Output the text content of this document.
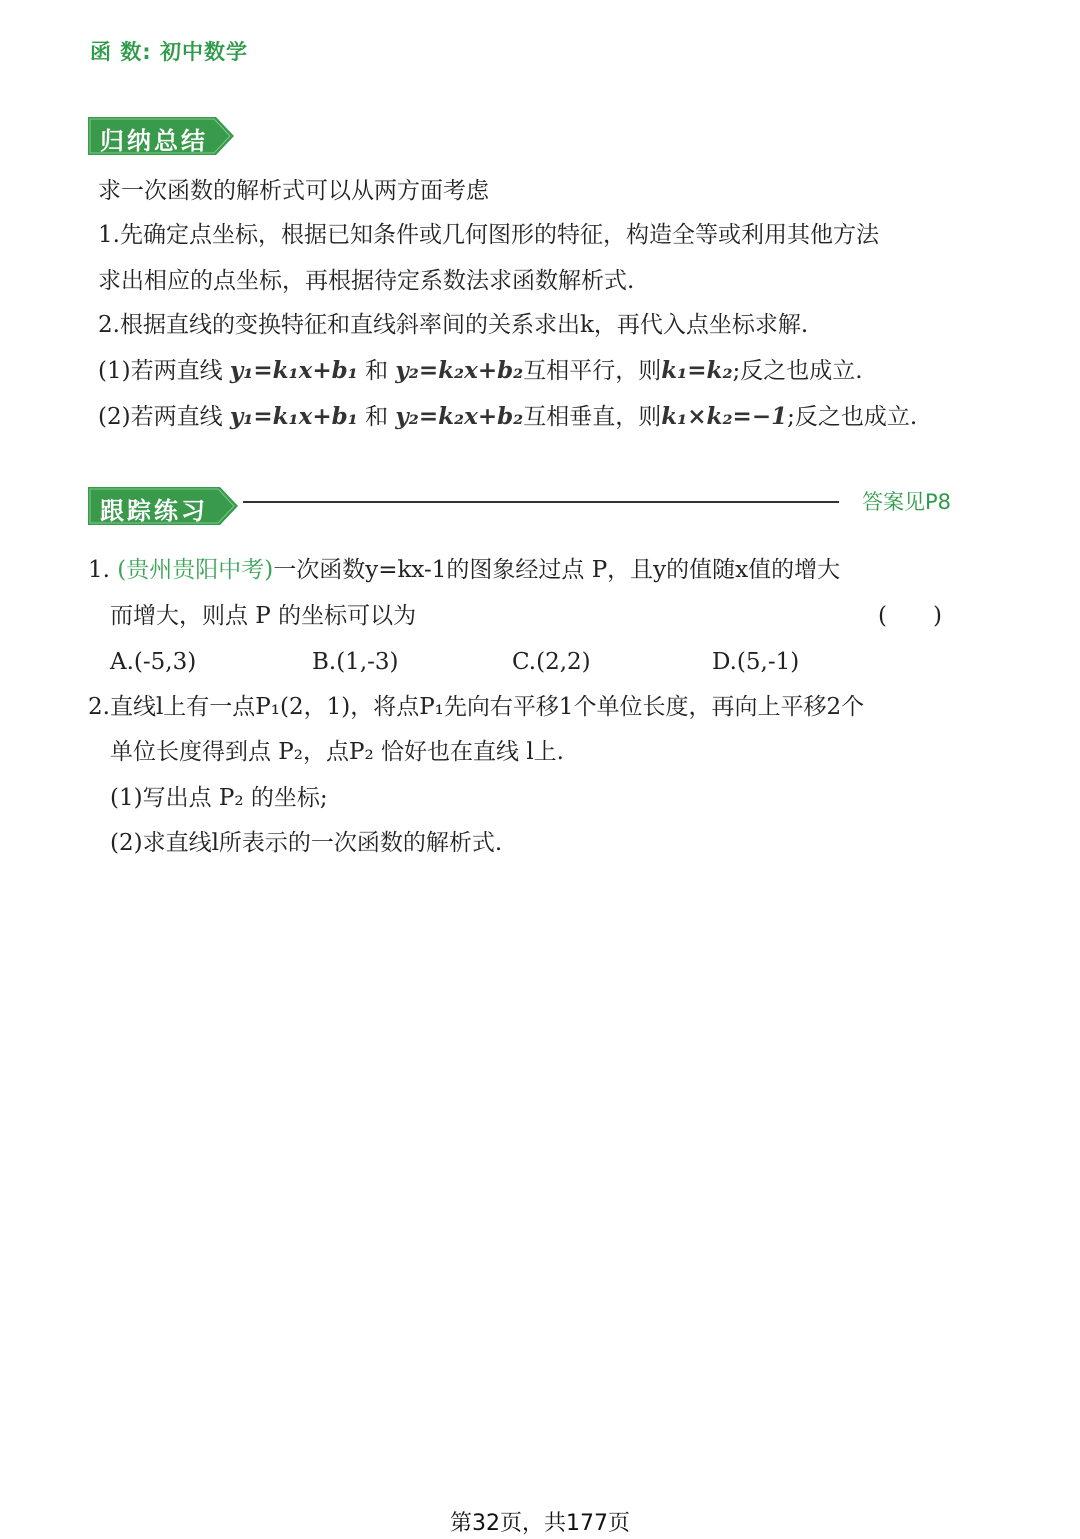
函 数: 初中数学
归纳总结
求一次函数的解析式可以从两方面考虑
1.先确定点坐标，根据已知条件或几何图形的特征，构造全等或利用其他方法
求出相应的点坐标，再根据待定系数法求函数解析式.
2.根据直线的变换特征和直线斜率间的关系求出k，再代入点坐标求解.
(1)若两直线 y₁=k₁x+b₁ 和 y₂=k₂x+b₂互相平行，则k₁=k₂;反之也成立.
(2)若两直线 y₁=k₁x+b₁ 和 y₂=k₂x+b₂互相垂直，则k₁×k₂=−1;反之也成立.
跟踪练习	答案见P8
1. (贵州贵阳中考)一次函数y=kx-1的图象经过点 P，且y的值随x值的增大
而增大，则点 P 的坐标可以为	(　　)
A.(-5,3)	B.(1,-3)	C.(2,2)	D.(5,-1)
2.直线l上有一点P₁(2，1)，将点P₁先向右平移1个单位长度，再向上平移2个
单位长度得到点 P₂，点P₂ 恰好也在直线 l上.
(1)写出点 P₂ 的坐标;
(2)求直线l所表示的一次函数的解析式.
第32页，共177页
